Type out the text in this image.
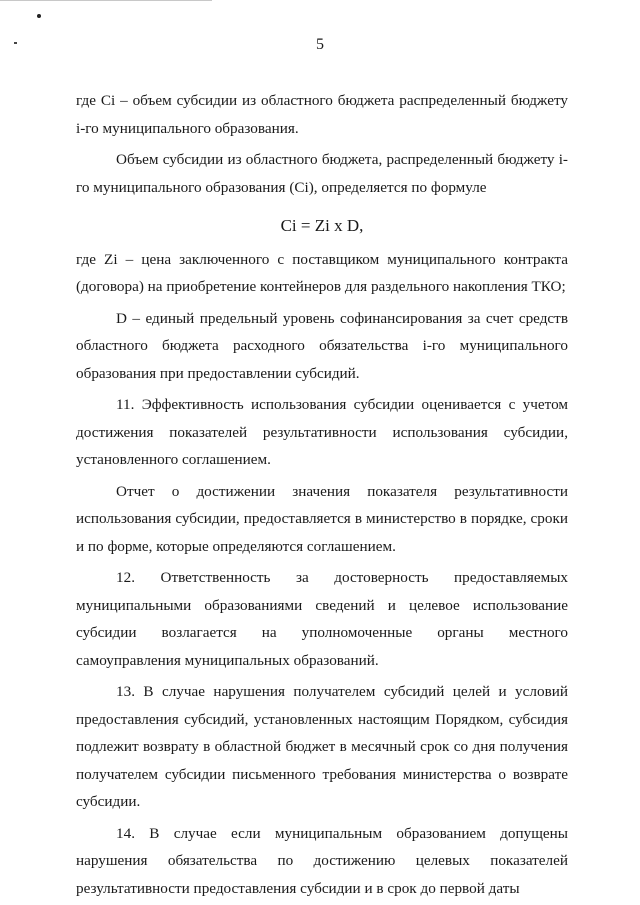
5

где Ci – объем субсидии из областного бюджета распределенный бюджету i-го муниципального образования.

Объем субсидии из областного бюджета, распределенный бюджету i-го муниципального образования (Ci), определяется по формуле

Ci = Zi x D,

где Zi – цена заключенного с поставщиком муниципального контракта (договора) на приобретение контейнеров для раздельного накопления ТКО;

D – единый предельный уровень софинансирования за счет средств областного бюджета расходного обязательства i-го муниципального образования при предоставлении субсидий.

11. Эффективность использования субсидии оценивается с учетом достижения показателей результативности использования субсидии, установленного соглашением.

Отчет о достижении значения показателя результативности использования субсидии, предоставляется в министерство в порядке, сроки и по форме, которые определяются соглашением.

12. Ответственность за достоверность предоставляемых муниципальными образованиями сведений и целевое использование субсидии возлагается на уполномоченные органы местного самоуправления муниципальных образований.

13. В случае нарушения получателем субсидий целей и условий предоставления субсидий, установленных настоящим Порядком, субсидия подлежит возврату в областной бюджет в месячный срок со дня получения получателем субсидии письменного требования министерства о возврате субсидии.

14. В случае если муниципальным образованием допущены нарушения обязательства по достижению целевых показателей результативности предоставления субсидии и в срок до первой даты
